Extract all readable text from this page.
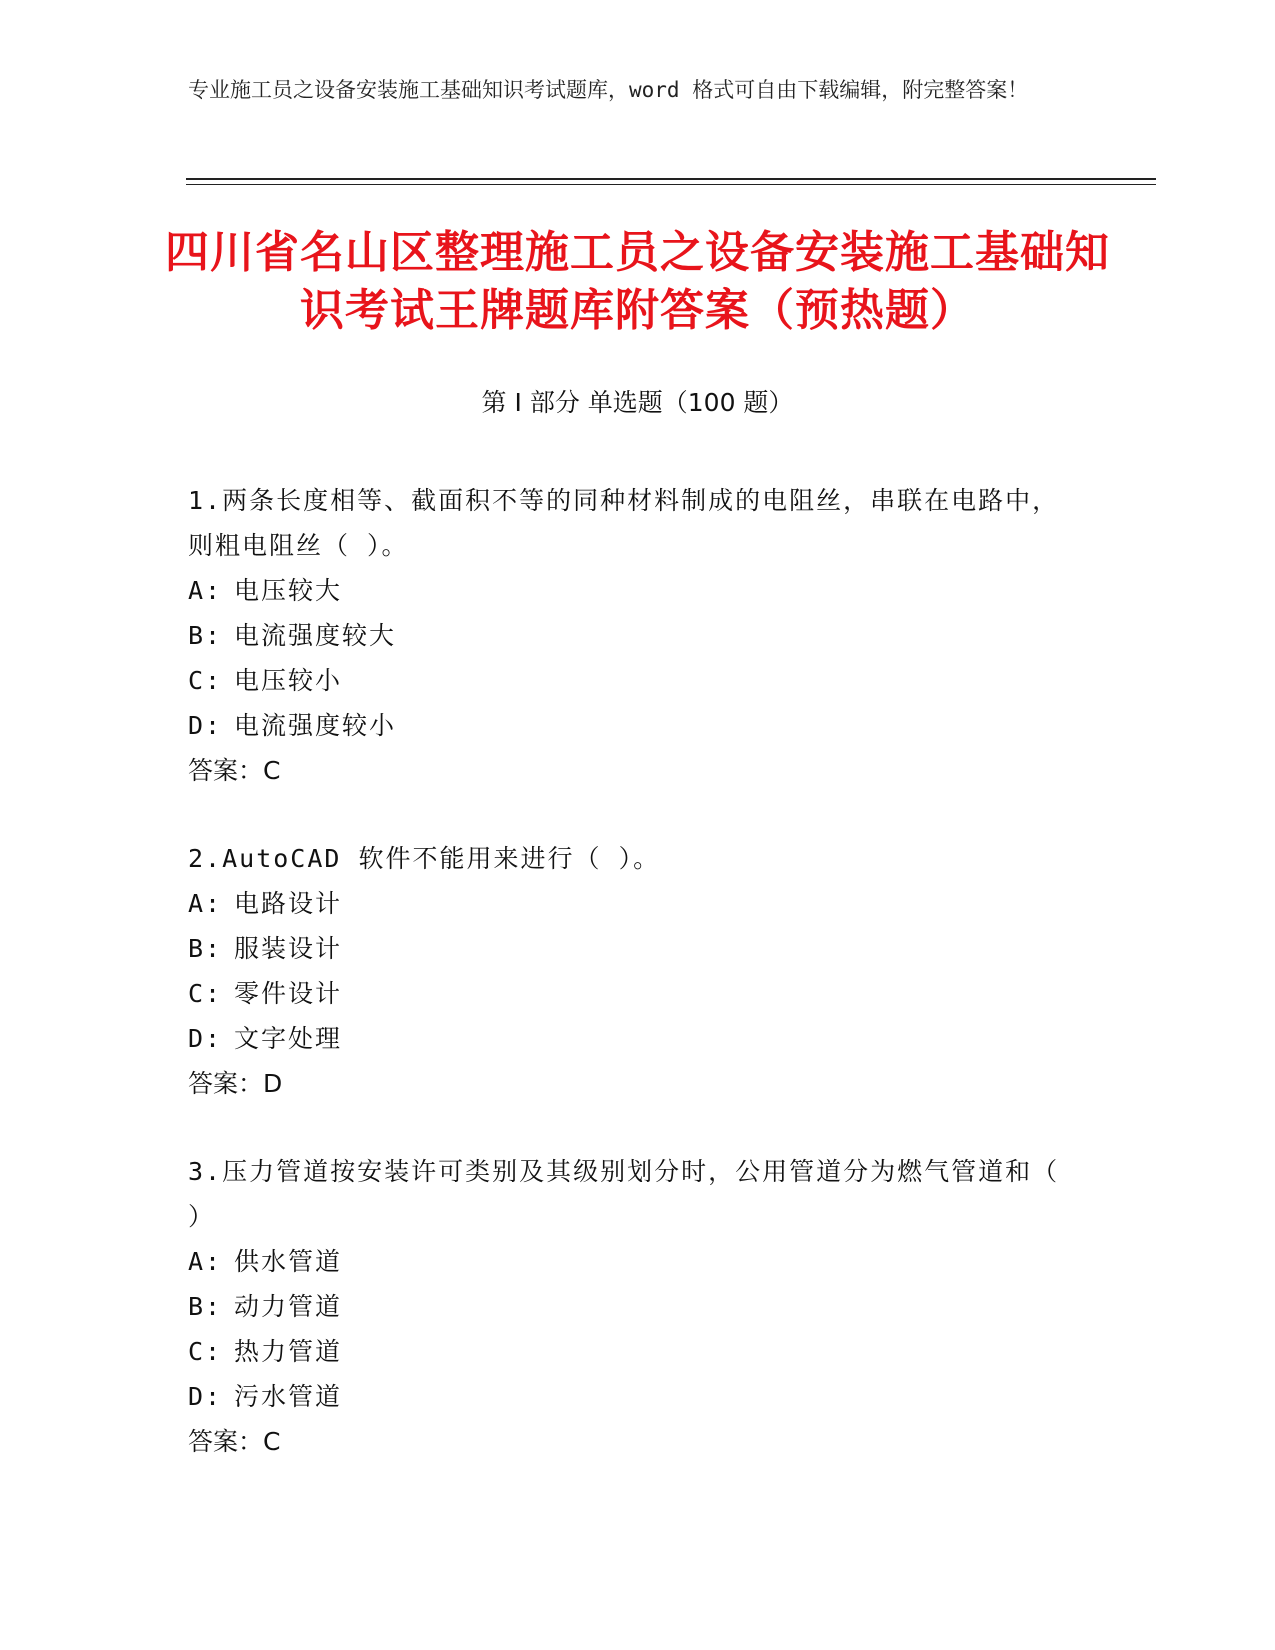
专业施工员之设备安装施工基础知识考试题库，word 格式可自由下载编辑，附完整答案！
四川省名山区整理施工员之设备安装施工基础知识考试王牌题库附答案（预热题）
第 I 部分 单选题（100 题）
1.两条长度相等、截面积不等的同种材料制成的电阻丝，串联在电路中，则粗电阻丝（ ）。
A: 电压较大
B: 电流强度较大
C: 电压较小
D: 电流强度较小
答案：C
2.AutoCAD 软件不能用来进行（ ）。
A: 电路设计
B: 服装设计
C: 零件设计
D: 文字处理
答案：D
3.压力管道按安装许可类别及其级别划分时，公用管道分为燃气管道和（ ）
A: 供水管道
B: 动力管道
C: 热力管道
D: 污水管道
答案：C
